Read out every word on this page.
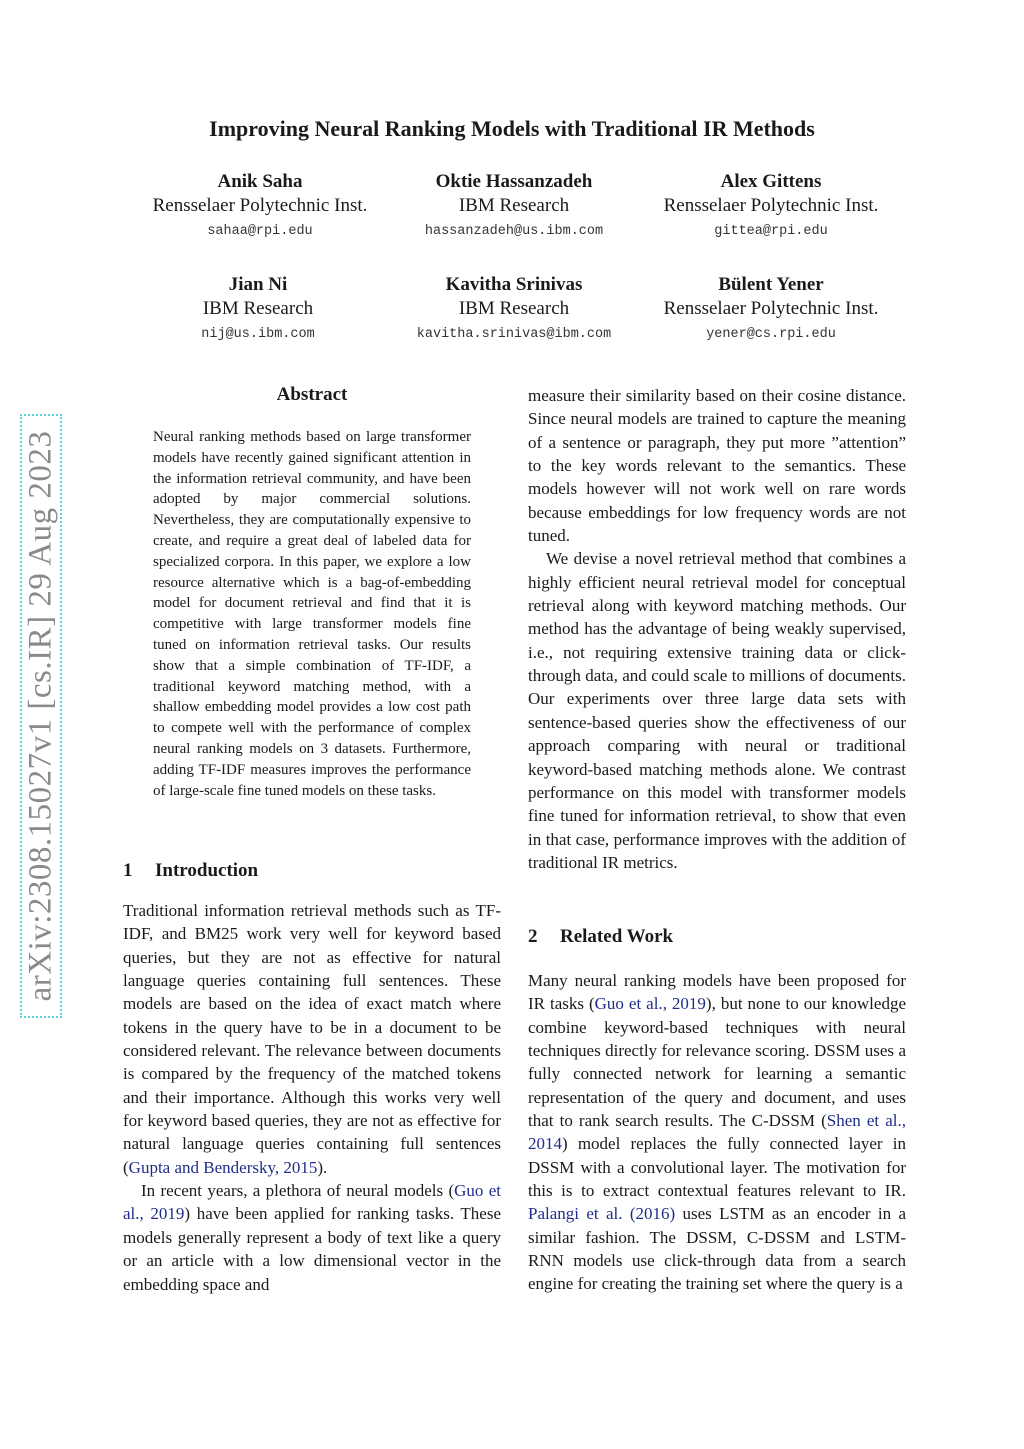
Improving Neural Ranking Models with Traditional IR Methods
Anik Saha
Rensselaer Polytechnic Inst.
sahaa@rpi.edu
Oktie Hassanzadeh
IBM Research
hassanzadeh@us.ibm.com
Alex Gittens
Rensselaer Polytechnic Inst.
gittea@rpi.edu
Jian Ni
IBM Research
nij@us.ibm.com
Kavitha Srinivas
IBM Research
kavitha.srinivas@ibm.com
Bülent Yener
Rensselaer Polytechnic Inst.
yener@cs.rpi.edu
arXiv:2308.15027v1 [cs.IR] 29 Aug 2023
Abstract
Neural ranking methods based on large transformer models have recently gained significant attention in the information retrieval community, and have been adopted by major commercial solutions. Nevertheless, they are computationally expensive to create, and require a great deal of labeled data for specialized corpora. In this paper, we explore a low resource alternative which is a bag-of-embedding model for document retrieval and find that it is competitive with large transformer models fine tuned on information retrieval tasks. Our results show that a simple combination of TF-IDF, a traditional keyword matching method, with a shallow embedding model provides a low cost path to compete well with the performance of complex neural ranking models on 3 datasets. Furthermore, adding TF-IDF measures improves the performance of large-scale fine tuned models on these tasks.
1 Introduction

Traditional information retrieval methods such as TF-IDF, and BM25 work very well for keyword based queries, but they are not as effective for natural language queries containing full sentences. These models are based on the idea of exact match where tokens in the query have to be in a document to be considered relevant. The relevance between documents is compared by the frequency of the matched tokens and their importance. Although this works very well for keyword based queries, they are not as effective for natural language queries containing full sentences (Gupta and Bendersky, 2015).

In recent years, a plethora of neural models (Guo et al., 2019) have been applied for ranking tasks. These models generally represent a body of text like a query or an article with a low dimensional vector in the embedding space and

measure their similarity based on their cosine distance. Since neural models are trained to capture the meaning of a sentence or paragraph, they put more ”attention” to the key words relevant to the semantics. These models however will not work well on rare words because embeddings for low frequency words are not tuned.

We devise a novel retrieval method that combines a highly efficient neural retrieval model for conceptual retrieval along with keyword matching methods. Our method has the advantage of being weakly supervised, i.e., not requiring extensive training data or click-through data, and could scale to millions of documents. Our experiments over three large data sets with sentence-based queries show the effectiveness of our approach comparing with neural or traditional keyword-based matching methods alone. We contrast performance on this model with transformer models fine tuned for information retrieval, to show that even in that case, performance improves with the addition of traditional IR metrics.

2 Related Work

Many neural ranking models have been proposed for IR tasks (Guo et al., 2019), but none to our knowledge combine keyword-based techniques with neural techniques directly for relevance scoring. DSSM uses a fully connected network for learning a semantic representation of the query and document, and uses that to rank search results. The C-DSSM (Shen et al., 2014) model replaces the fully connected layer in DSSM with a convolutional layer. The motivation for this is to extract contextual features relevant to IR. Palangi et al. (2016) uses LSTM as an encoder in a similar fashion. The DSSM, C-DSSM and LSTM-RNN models use click-through data from a search engine for creating the training set where the query is a
